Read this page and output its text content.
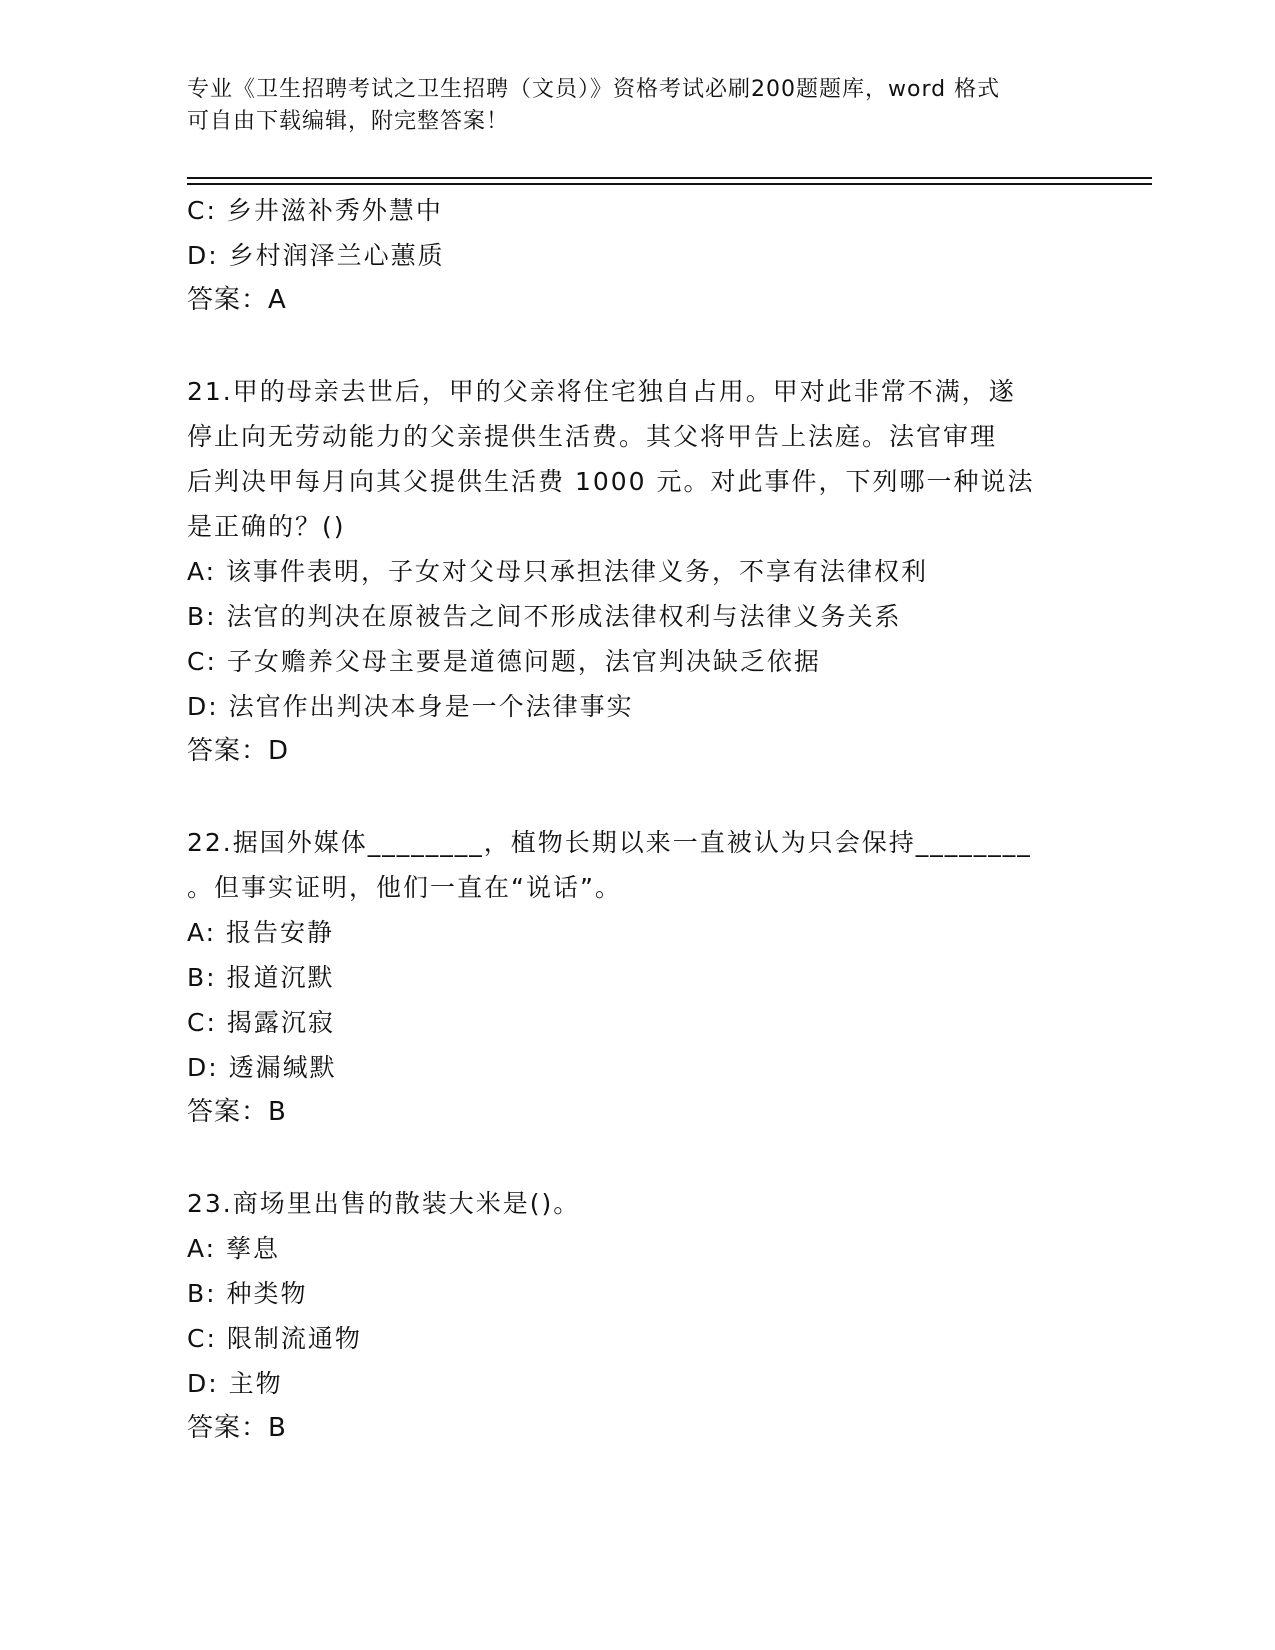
专业《卫生招聘考试之卫生招聘（文员）》资格考试必刷200题题库，word 格式
可自由下载编辑，附完整答案！
C: 乡井滋补秀外慧中
D: 乡村润泽兰心蕙质
答案：A
21.甲的母亲去世后，甲的父亲将住宅独自占用。甲对此非常不满，遂
停止向无劳动能力的父亲提供生活费。其父将甲告上法庭。法官审理
后判决甲每月向其父提供生活费 1000 元。对此事件，下列哪一种说法
是正确的？()
A: 该事件表明，子女对父母只承担法律义务，不享有法律权利
B: 法官的判决在原被告之间不形成法律权利与法律义务关系
C: 子女赡养父母主要是道德问题，法官判决缺乏依据
D: 法官作出判决本身是一个法律事实
答案：D
22.据国外媒体________，植物长期以来一直被认为只会保持________
。但事实证明，他们一直在“说话”。
A: 报告安静
B: 报道沉默
C: 揭露沉寂
D: 透漏缄默
答案：B
23.商场里出售的散装大米是()。
A: 孳息
B: 种类物
C: 限制流通物
D: 主物
答案：B
